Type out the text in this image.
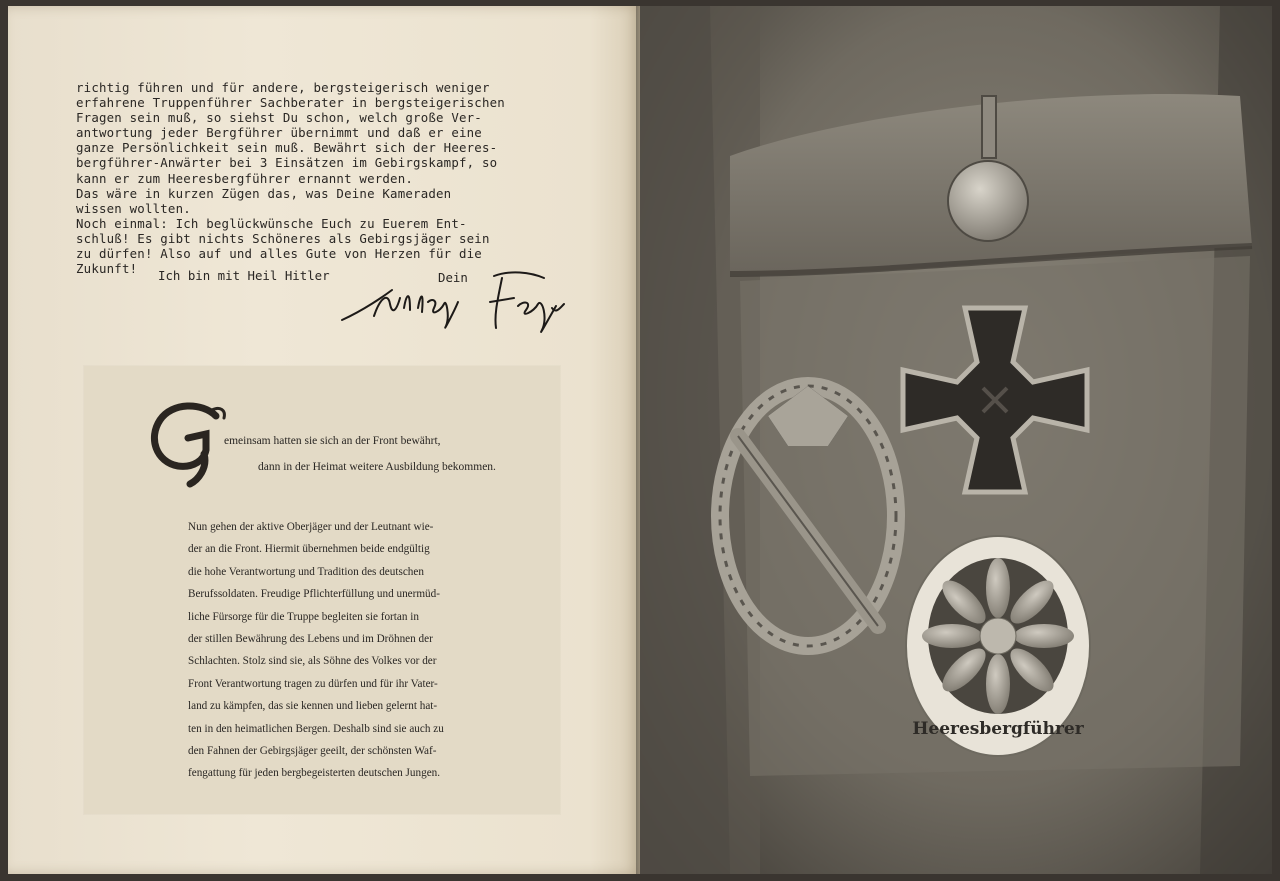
richtig führen und für andere, bergsteigerisch weniger
erfahrene Truppenführer Sachberater in bergsteigerischen
Fragen sein muß, so siehst Du schon, welch große Ver-
antwortung jeder Bergführer übernimmt und daß er eine
ganze Persönlichkeit sein muß. Bewährt sich der Heeres-
bergführer-Anwärter bei 3 Einsätzen im Gebirgskampf, so
kann er zum Heeresbergführer ernannt werden.
Das wäre in kurzen Zügen das, was Deine Kameraden
wissen wollten.
Noch einmal: Ich beglückwünsche Euch zu Euerem Ent-
schluß! Es gibt nichts Schöneres als Gebirgsjäger sein
zu dürfen! Also auf und alles Gute von Herzen für die
Zukunft!	Ich bin mit Heil Hitler	Dein
emeinsam hatten sie sich an der Front bewährt,
dann in der Heimat weitere Ausbildung bekommen.
Nun gehen der aktive Oberjäger und der Leutnant wie-
der an die Front. Hiermit übernehmen beide endgültig
die hohe Verantwortung und Tradition des deutschen
Berufssoldaten. Freudige Pflichterfüllung und unermüd-
liche Fürsorge für die Truppe begleiten sie fortan in
der stillen Bewährung des Lebens und im Dröhnen der
Schlachten. Stolz sind sie, als Söhne des Volkes vor der
Front Verantwortung tragen zu dürfen und für ihr Vater-
land zu kämpfen, das sie kennen und lieben gelernt hat-
ten in den heimatlichen Bergen. Deshalb sind sie auch zu
den Fahnen der Gebirgsjäger geeilt, der schönsten Waf-
fengattung für jeden bergbegeisterten deutschen Jungen.
Heeresbergführer
